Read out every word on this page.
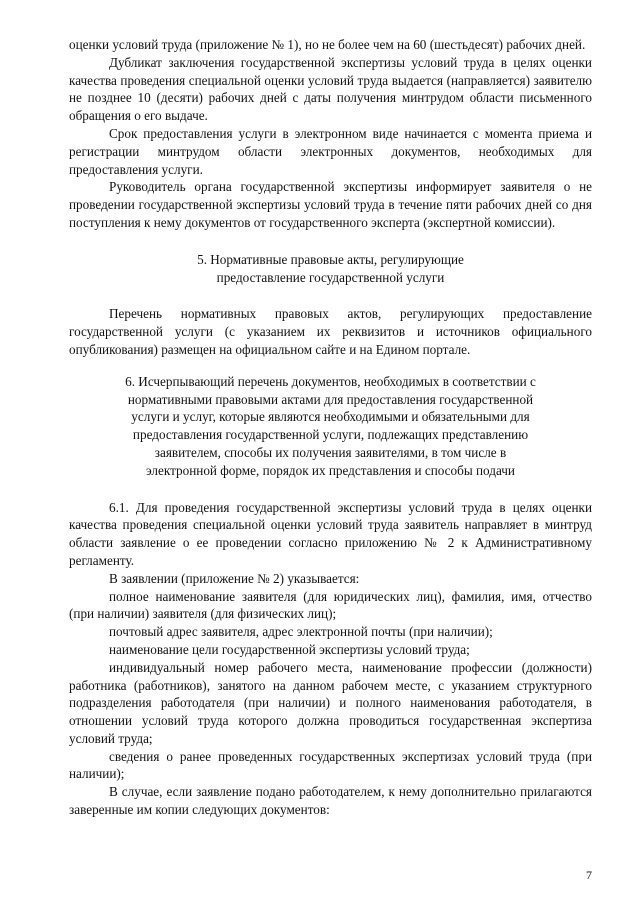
оценки условий труда (приложение № 1), но не более чем на 60 (шестьдесят) рабочих дней.

Дубликат заключения государственной экспертизы условий труда в целях оценки качества проведения специальной оценки условий труда выдается (направляется) заявителю не позднее 10 (десяти) рабочих дней с даты получения минтрудом области письменного обращения о его выдаче.

Срок предоставления услуги в электронном виде начинается с момента приема и регистрации минтрудом области электронных документов, необходимых для предоставления услуги.

Руководитель органа государственной экспертизы информирует заявителя о не проведении государственной экспертизы условий труда в течение пяти рабочих дней со дня поступления к нему документов от государственного эксперта (экспертной комиссии).

5. Нормативные правовые акты, регулирующие

предоставление государственной услуги

Перечень нормативных правовых актов, регулирующих предоставление государственной услуги (с указанием их реквизитов и источников официального опубликования) размещен на официальном сайте и на Едином портале.

6. Исчерпывающий перечень документов, необходимых в соответствии с

нормативными правовыми актами для предоставления государственной

услуги и услуг, которые являются необходимыми и обязательными для

предоставления государственной услуги, подлежащих представлению

заявителем, способы их получения заявителями, в том числе в

электронной форме, порядок их представления и способы подачи

6.1. Для проведения государственной экспертизы условий труда в целях оценки качества проведения специальной оценки условий труда заявитель направляет в минтруд области заявление о ее проведении согласно приложению № 2 к Административному регламенту.

В заявлении (приложение № 2) указывается:

полное наименование заявителя (для юридических лиц), фамилия, имя, отчество (при наличии) заявителя (для физических лиц);

почтовый адрес заявителя, адрес электронной почты (при наличии);

наименование цели государственной экспертизы условий труда;

индивидуальный номер рабочего места, наименование профессии (должности) работника (работников), занятого на данном рабочем месте, с указанием структурного подразделения работодателя (при наличии) и полного наименования работодателя, в отношении условий труда которого должна проводиться государственная экспертиза условий труда;

сведения о ранее проведенных государственных экспертизах условий труда (при наличии);

В случае, если заявление подано работодателем, к нему дополнительно прилагаются заверенные им копии следующих документов:

7
